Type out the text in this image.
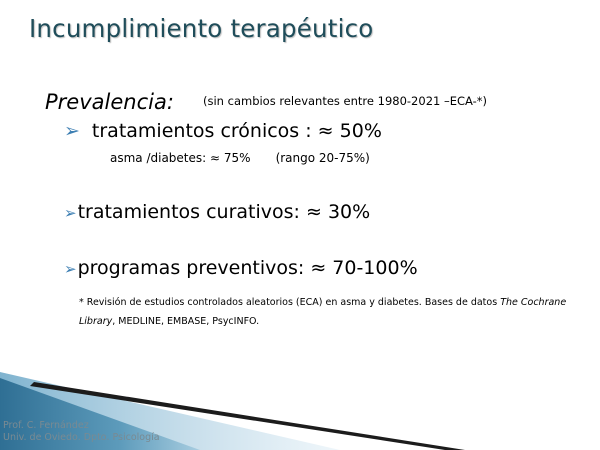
Incumplimiento terapéutico
Prevalencia:	$^{(sin cambios relevantes entre 1980-2021 -ECA-*)}$
➢ tratamientos crónicos : ≈ 50%
asma /diabetes: ≈ 75% (rango 20-75%)
➢ tratamientos curativos: ≈ 30%
➢ programas preventivos: ≈ 70-100%
* Revisión de estudios controlados aleatorios (ECA) en asma y diabetes. Bases de datos The Cochrane Library, MEDLINE, EMBASE, PsycINFO.
Prof. C. Fernández
Univ. de Oviedo. Dpto. Psicología
